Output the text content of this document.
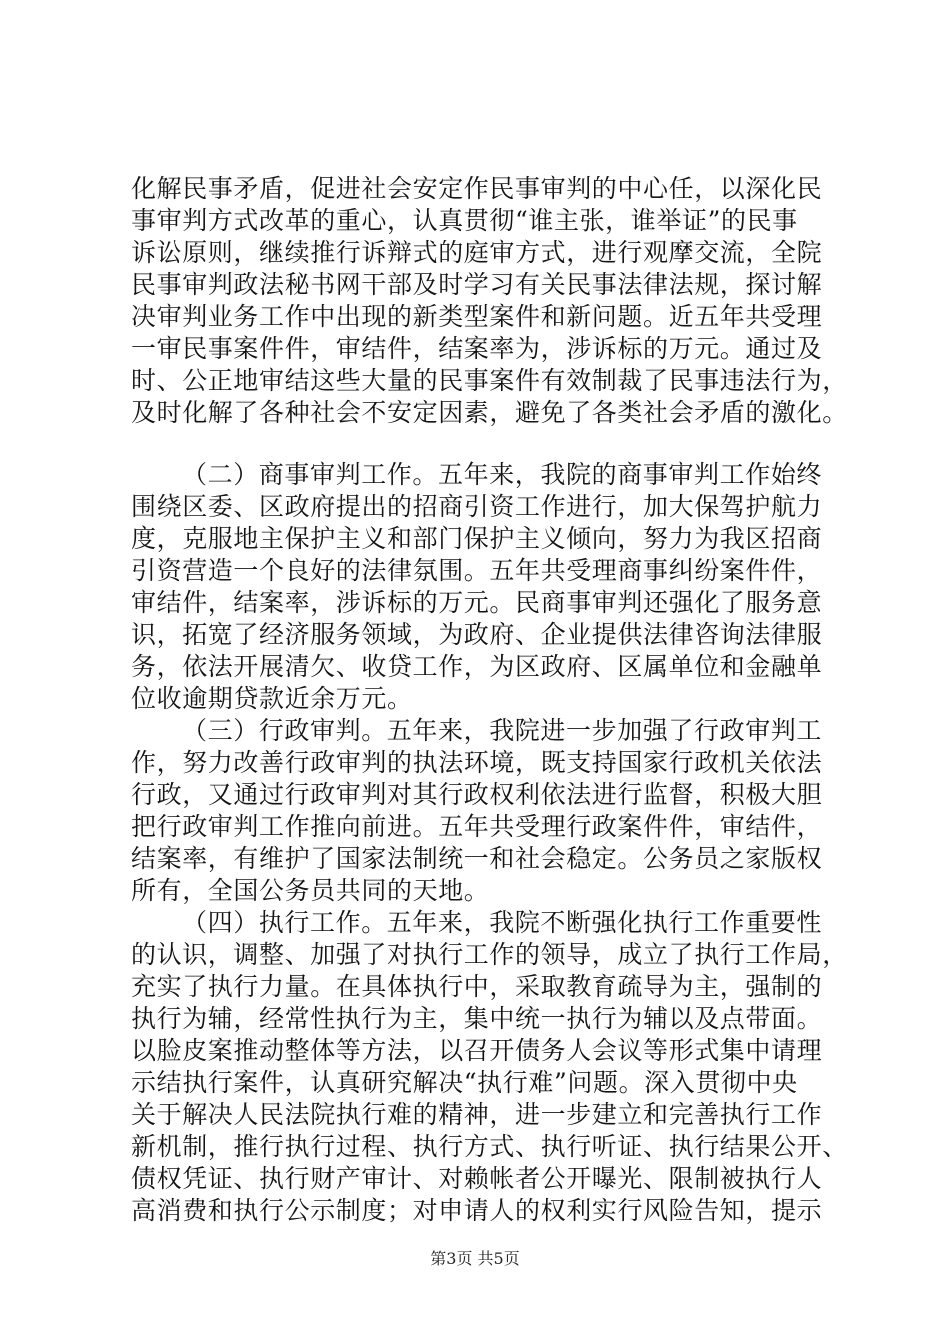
化解民事矛盾，促进社会安定作民事审判的中心任，以深化民
事审判方式改革的重心，认真贯彻“谁主张，谁举证”的民事
诉讼原则，继续推行诉辩式的庭审方式，进行观摩交流，全院
民事审判政法秘书网干部及时学习有关民事法律法规，探讨解
决审判业务工作中出现的新类型案件和新问题。近五年共受理
一审民事案件件，审结件，结案率为，涉诉标的万元。通过及
时、公正地审结这些大量的民事案件有效制裁了民事违法行为，
及时化解了各种社会不安定因素，避免了各类社会矛盾的激化。
（二）商事审判工作。五年来，我院的商事审判工作始终
围绕区委、区政府提出的招商引资工作进行，加大保驾护航力
度，克服地主保护主义和部门保护主义倾向，努力为我区招商
引资营造一个良好的法律氛围。五年共受理商事纠纷案件件，
审结件，结案率，涉诉标的万元。民商事审判还强化了服务意
识，拓宽了经济服务领域，为政府、企业提供法律咨询法律服
务，依法开展清欠、收贷工作，为区政府、区属单位和金融单
位收逾期贷款近余万元。
（三）行政审判。五年来，我院进一步加强了行政审判工
作，努力改善行政审判的执法环境，既支持国家行政机关依法
行政，又通过行政审判对其行政权利依法进行监督，积极大胆
把行政审判工作推向前进。五年共受理行政案件件，审结件，
结案率，有维护了国家法制统一和社会稳定。公务员之家版权
所有，全国公务员共同的天地。
（四）执行工作。五年来，我院不断强化执行工作重要性
的认识，调整、加强了对执行工作的领导，成立了执行工作局，
充实了执行力量。在具体执行中，采取教育疏导为主，强制的
执行为辅，经常性执行为主，集中统一执行为辅以及点带面。
以脸皮案推动整体等方法，以召开债务人会议等形式集中请理
示结执行案件，认真研究解决“执行难”问题。深入贯彻中央
关于解决人民法院执行难的精神，进一步建立和完善执行工作
新机制，推行执行过程、执行方式、执行听证、执行结果公开、
债权凭证、执行财产审计、对赖帐者公开曝光、限制被执行人
高消费和执行公示制度；对申请人的权利实行风险告知，提示
第3页 共5页
